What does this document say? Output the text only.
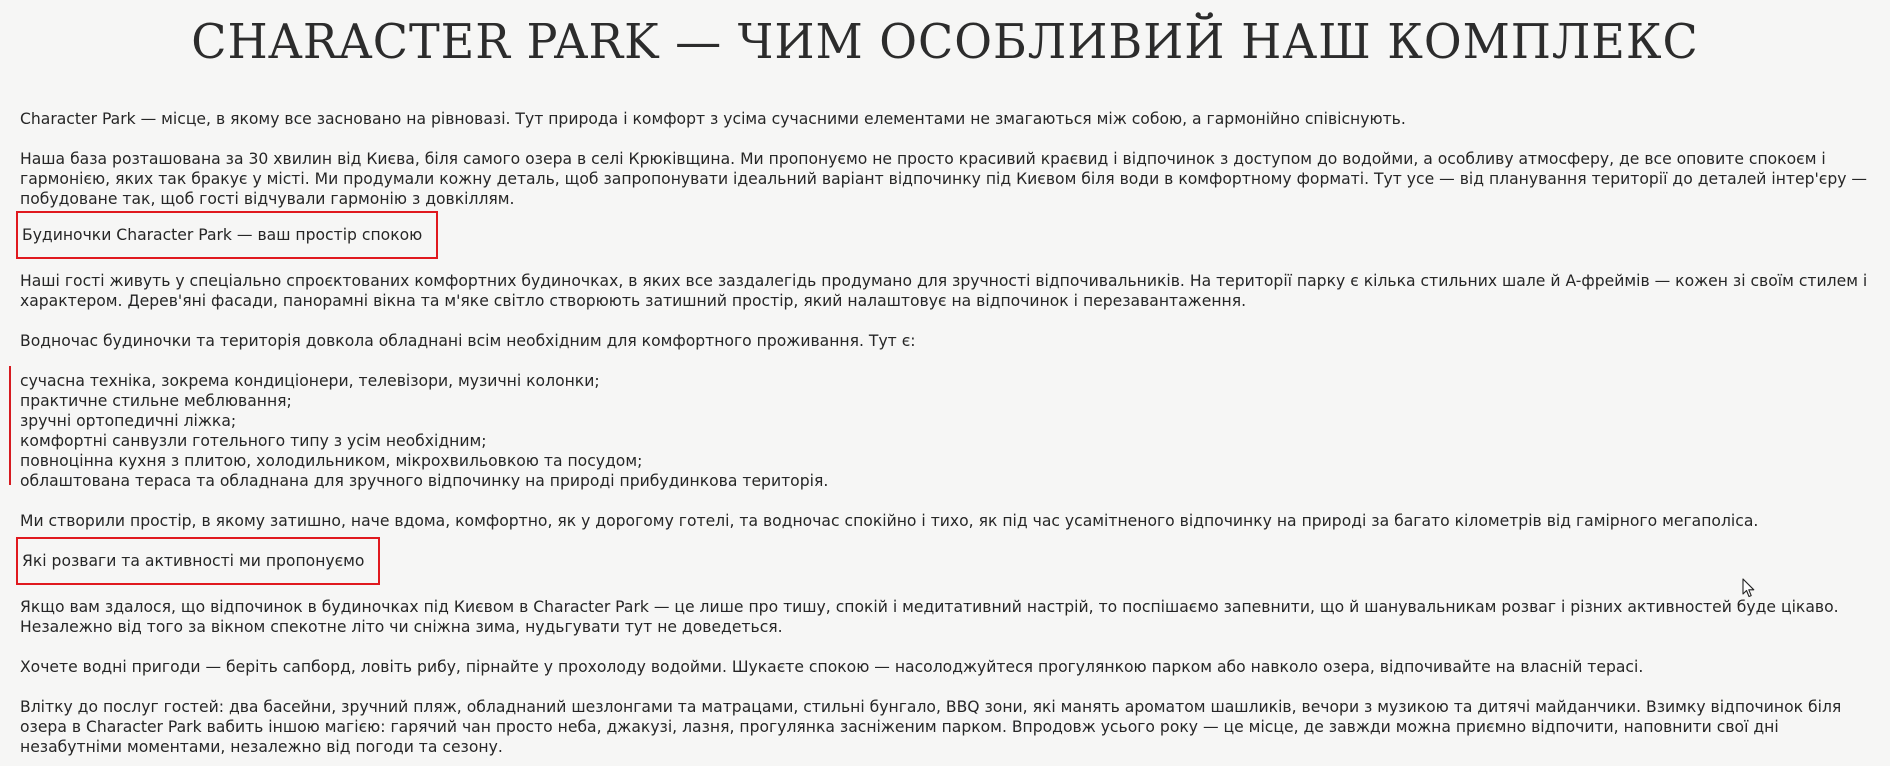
CHARACTER PARK — ЧИМ ОСОБЛИВИЙ НАШ КОМПЛЕКС

Character Park — місце, в якому все засновано на рівновазі. Тут природа і комфорт з усіма сучасними елементами не змагаються між собою, а гармонійно співіснують.

Наша база розташована за 30 хвилин від Києва, біля самого озера в селі Крюківщина. Ми пропонуємо не просто красивий краєвид і відпочинок з доступом до водойми, а особливу атмосферу, де все оповите спокоєм і гармонією, яких так бракує у місті. Ми продумали кожну деталь, щоб запропонувати ідеальний варіант відпочинку під Києвом біля води в комфортному форматі. Тут усе — від планування території до деталей інтер'єру — побудоване так, щоб гості відчували гармонію з довкіллям.

Будиночки Character Park — ваш простір спокою

Наші гості живуть у спеціально спроєктованих комфортних будиночках, в яких все заздалегідь продумано для зручності відпочивальників. На території парку є кілька стильних шале й A-фреймів — кожен зі своїм стилем і характером. Дерев'яні фасади, панорамні вікна та м'яке світло створюють затишний простір, який налаштовує на відпочинок і перезавантаження.

Водночас будиночки та територія довкола обладнані всім необхідним для комфортного проживання. Тут є:

сучасна техніка, зокрема кондиціонери, телевізори, музичні колонки;
практичне стильне меблювання;
зручні ортопедичні ліжка;
комфортні санвузли готельного типу з усім необхідним;
повноцінна кухня з плитою, холодильником, мікрохвильовкою та посудом;
облаштована тераса та обладнана для зручного відпочинку на природі прибудинкова територія.

Ми створили простір, в якому затишно, наче вдома, комфортно, як у дорогому готелі, та водночас спокійно і тихо, як під час усамітненого відпочинку на природі за багато кілометрів від гамірного мегаполіса.

Які розваги та активності ми пропонуємо

Якщо вам здалося, що відпочинок в будиночках під Києвом в Character Park — це лише про тишу, спокій і медитативний настрій, то поспішаємо запевнити, що й шанувальникам розваг і різних активностей буде цікаво. Незалежно від того за вікном спекотне літо чи сніжна зима, нудьгувати тут не доведеться.

Хочете водні пригоди — беріть сапборд, ловіть рибу, пірнайте у прохолоду водойми. Шукаєте спокою — насолоджуйтеся прогулянкою парком або навколо озера, відпочивайте на власній терасі.

Влітку до послуг гостей: два басейни, зручний пляж, обладнаний шезлонгами та матрацами, стильні бунгало, BBQ зони, які манять ароматом шашликів, вечори з музикою та дитячі майданчики. Взимку відпочинок біля озера в Character Park вабить іншою магією: гарячий чан просто неба, джакузі, лазня, прогулянка засніженим парком. Впродовж усього року — це місце, де завжди можна приємно відпочити, наповнити свої дні незабутніми моментами, незалежно від погоди та сезону.
